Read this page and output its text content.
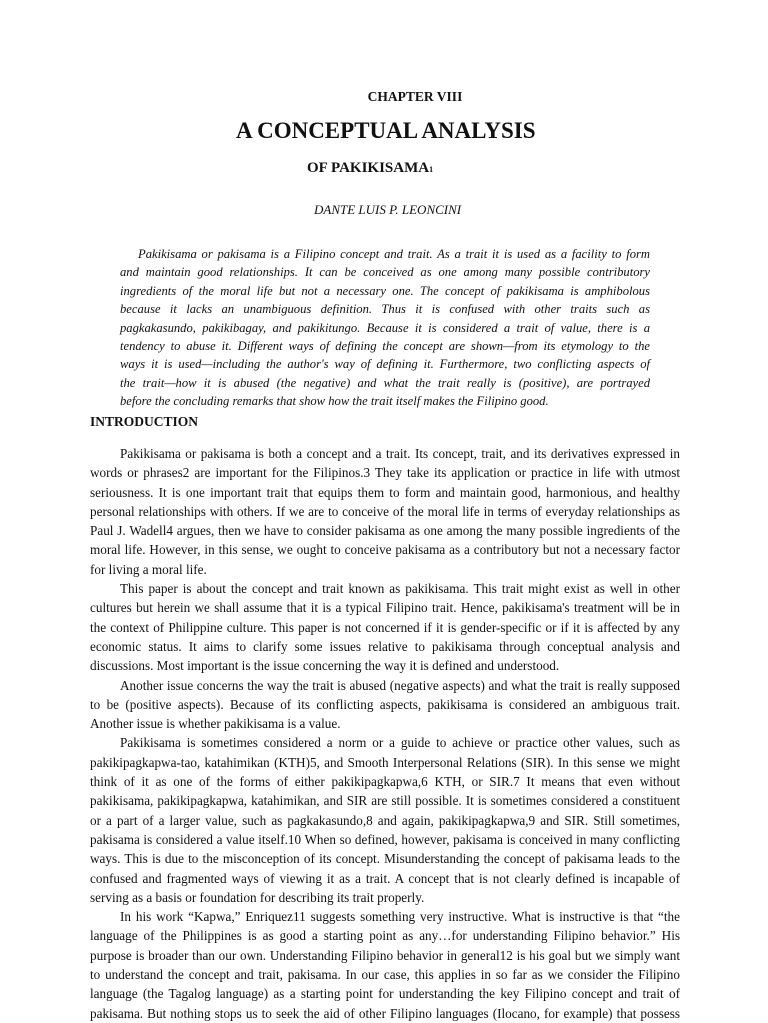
CHAPTER VIII
A CONCEPTUAL ANALYSIS
OF PAKIKISAMA1
DANTE LUIS P. LEONCINI
Pakikisama or pakisama is a Filipino concept and trait. As a trait it is used as a facility to form
and maintain good relationships. It can be conceived as one among many possible contributory
ingredients of the moral life but not a necessary one. The concept of pakikisama is amphibolous
because it lacks an unambiguous definition. Thus it is confused with other traits such as
pagkakasundo, pakikibagay, and pakikitungo. Because it is considered a trait of value, there is a
tendency to abuse it. Different ways of defining the concept are shown—from its etymology to the
ways it is used—including the author's way of defining it. Furthermore, two conflicting aspects of
the trait—how it is abused (the negative) and what the trait really is (positive), are portrayed
before the concluding remarks that show how the trait itself makes the Filipino good.
INTRODUCTION
Pakikisama or pakisama is both a concept and a trait. Its concept, trait, and its derivatives expressed in
words or phrases2 are important for the Filipinos.3 They take its application or practice in life with utmost
seriousness. It is one important trait that equips them to form and maintain good, harmonious, and healthy
personal relationships with others. If we are to conceive of the moral life in terms of everyday relationships as
Paul J. Wadell4 argues, then we have to consider pakisama as one among the many possible ingredients of the
moral life. However, in this sense, we ought to conceive pakisama as a contributory but not a necessary factor
for living a moral life.
This paper is about the concept and trait known as pakikisama. This trait might exist as well in other
cultures but herein we shall assume that it is a typical Filipino trait. Hence, pakikisama's treatment will be in
the context of Philippine culture. This paper is not concerned if it is gender-specific or if it is affected by any
economic status. It aims to clarify some issues relative to pakikisama through conceptual analysis and
discussions. Most important is the issue concerning the way it is defined and understood.
Another issue concerns the way the trait is abused (negative aspects) and what the trait is really supposed
to be (positive aspects). Because of its conflicting aspects, pakikisama is considered an ambiguous trait.
Another issue is whether pakikisama is a value.
Pakikisama is sometimes considered a norm or a guide to achieve or practice other values, such as
pakikipagkapwa-tao, katahimikan (KTH)5, and Smooth Interpersonal Relations (SIR). In this sense we might
think of it as one of the forms of either pakikipagkapwa,6 KTH, or SIR.7 It means that even without
pakikisama, pakikipagkapwa, katahimikan, and SIR are still possible. It is sometimes considered a constituent
or a part of a larger value, such as pagkakasundo,8 and again, pakikipagkapwa,9 and SIR. Still sometimes,
pakisama is considered a value itself.10 When so defined, however, pakisama is conceived in many conflicting
ways. This is due to the misconception of its concept. Misunderstanding the concept of pakisama leads to the
confused and fragmented ways of viewing it as a trait. A concept that is not clearly defined is incapable of
serving as a basis or foundation for describing its trait properly.
In his work “Kapwa,” Enriquez11 suggests something very instructive. What is instructive is that “the
language of the Philippines is as good a starting point as any…for understanding Filipino behavior.” His
purpose is broader than our own. Understanding Filipino behavior in general12 is his goal but we simply want
to understand the concept and trait, pakisama. In our case, this applies in so far as we consider the Filipino
language (the Tagalog language) as a starting point for understanding the key Filipino concept and trait of
pakisama. But nothing stops us to seek the aid of other Filipino languages (Ilocano, for example) that possess
